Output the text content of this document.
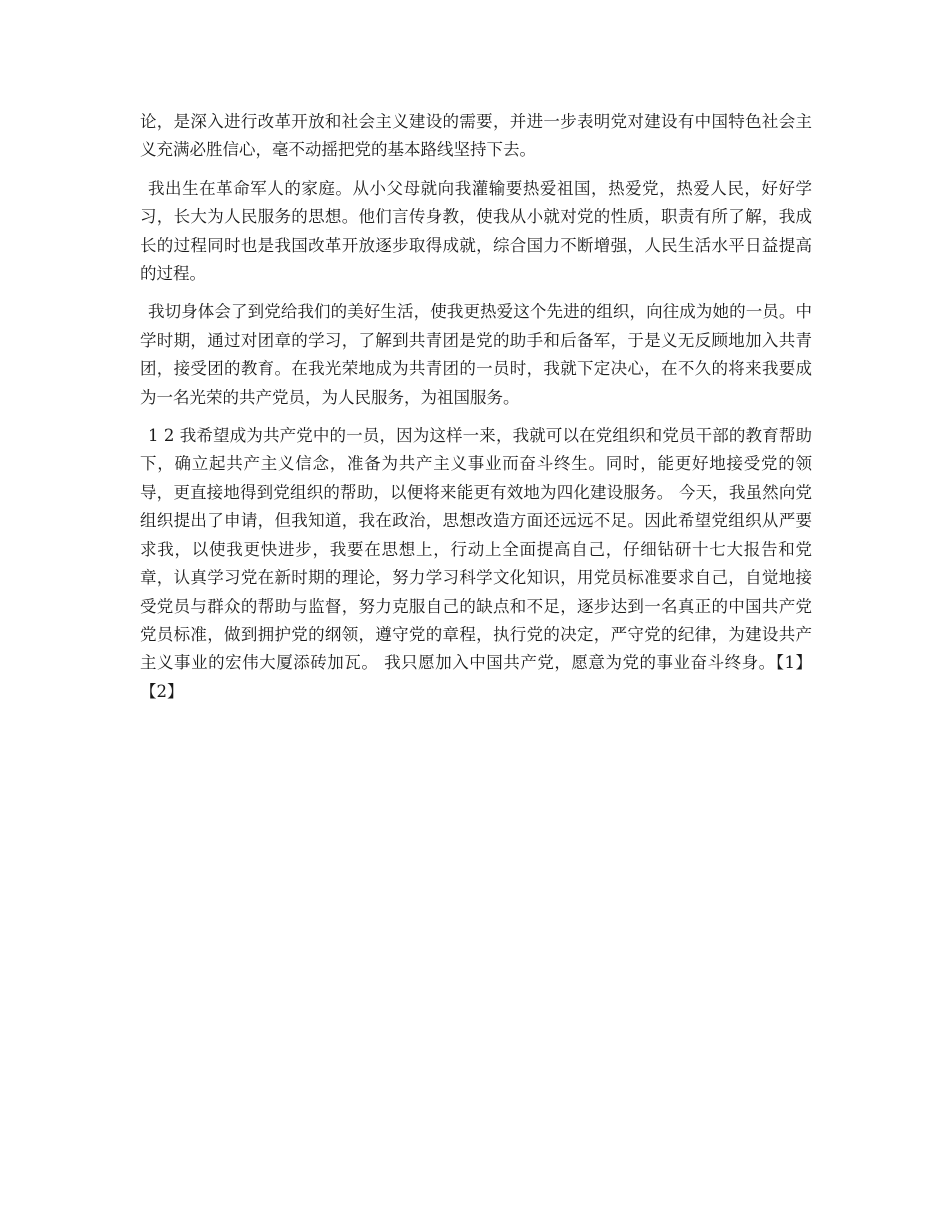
论，是深入进行改革开放和社会主义建设的需要，并进一步表明党对建设有中国特色社会主义充满必胜信心，毫不动摇把党的基本路线坚持下去。

我出生在革命军人的家庭。从小父母就向我灌输要热爱祖国，热爱党，热爱人民，好好学习，长大为人民服务的思想。他们言传身教，使我从小就对党的性质，职责有所了解，我成长的过程同时也是我国改革开放逐步取得成就，综合国力不断增强，人民生活水平日益提高的过程。

我切身体会了到党给我们的美好生活，使我更热爱这个先进的组织，向往成为她的一员。中学时期，通过对团章的学习，了解到共青团是党的助手和后备军，于是义无反顾地加入共青团，接受团的教育。在我光荣地成为共青团的一员时，我就下定决心，在不久的将来我要成为一名光荣的共产党员，为人民服务，为祖国服务。

1 2 我希望成为共产党中的一员，因为这样一来，我就可以在党组织和党员干部的教育帮助下，确立起共产主义信念，准备为共产主义事业而奋斗终生。同时，能更好地接受党的领导，更直接地得到党组织的帮助，以便将来能更有效地为四化建设服务。 今天，我虽然向党组织提出了申请，但我知道，我在政治，思想改造方面还远远不足。因此希望党组织从严要求我，以使我更快进步，我要在思想上，行动上全面提高自己，仔细钻研十七大报告和党章，认真学习党在新时期的理论，努力学习科学文化知识，用党员标准要求自己，自觉地接受党员与群众的帮助与监督，努力克服自己的缺点和不足，逐步达到一名真正的中国共产党党员标准，做到拥护党的纲领，遵守党的章程，执行党的决定，严守党的纪律，为建设共产主义事业的宏伟大厦添砖加瓦。 我只愿加入中国共产党，愿意为党的事业奋斗终身。【1】【2】
